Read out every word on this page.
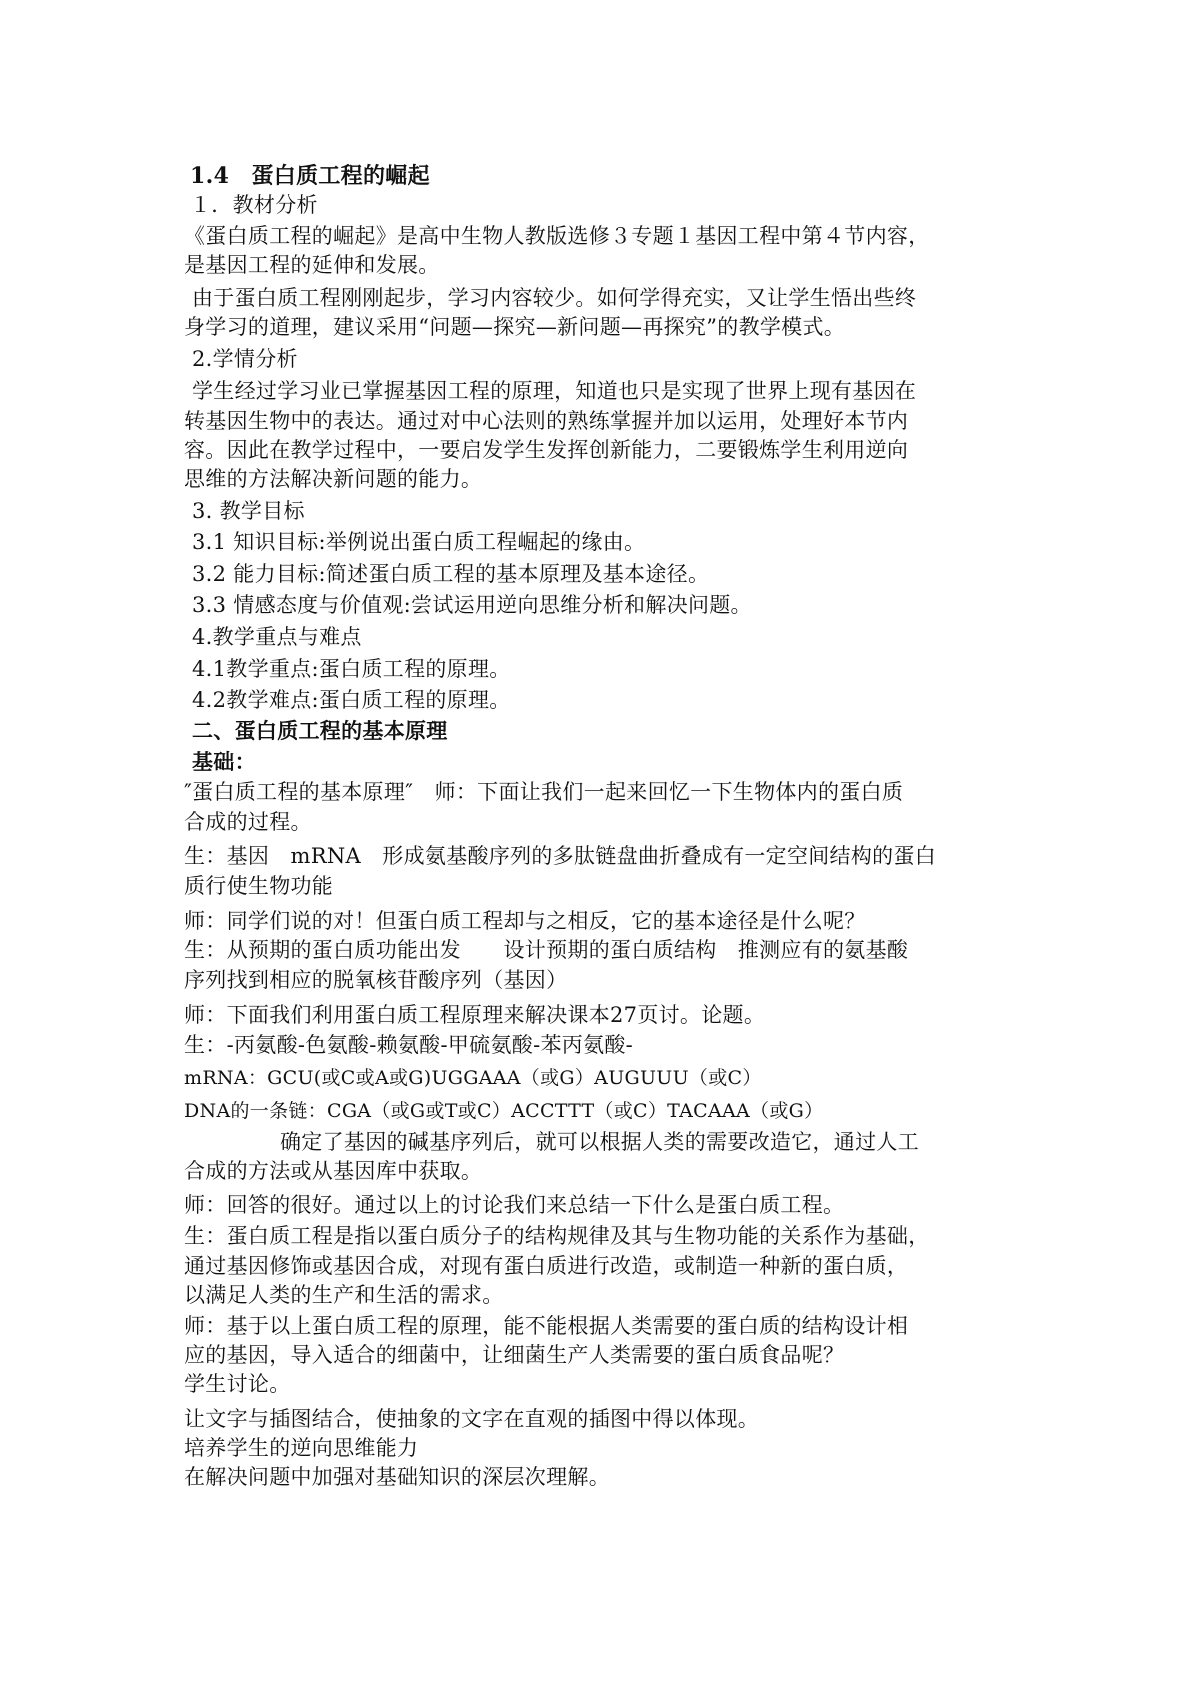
1.4　蛋白质工程的崛起
１．教材分析
《蛋白质工程的崛起》是高中生物人教版选修３专题１基因工程中第４节内容，
是基因工程的延伸和发展。
由于蛋白质工程刚刚起步，学习内容较少。如何学得充实，又让学生悟出些终
身学习的道理，建议采用“问题—探究—新问题—再探究”的教学模式。
2.学情分析
学生经过学习业已掌握基因工程的原理，知道也只是实现了世界上现有基因在
转基因生物中的表达。通过对中心法则的熟练掌握并加以运用，处理好本节内
容。因此在教学过程中，一要启发学生发挥创新能力，二要锻炼学生利用逆向
思维的方法解决新问题的能力。
3. 教学目标
3.1 知识目标:举例说出蛋白质工程崛起的缘由。
3.2 能力目标:简述蛋白质工程的基本原理及基本途径。
3.3 情感态度与价值观:尝试运用逆向思维分析和解决问题。
4.教学重点与难点
4.1教学重点:蛋白质工程的原理。
4.2教学难点:蛋白质工程的原理。
二、蛋白质工程的基本原理
基础：
″蛋白质工程的基本原理″　师：下面让我们一起来回忆一下生物体内的蛋白质
合成的过程。
生：基因　mRNA　形成氨基酸序列的多肽链盘曲折叠成有一定空间结构的蛋白
质行使生物功能
师：同学们说的对！但蛋白质工程却与之相反，它的基本途径是什么呢？
生：从预期的蛋白质功能出发　　设计预期的蛋白质结构　推测应有的氨基酸
序列找到相应的脱氧核苷酸序列（基因）
师：下面我们利用蛋白质工程原理来解决课本27页讨。论题。
生：-丙氨酸-色氨酸-赖氨酸-甲硫氨酸-苯丙氨酸-
mRNA：GCU(或C或A或G)UGGAAA（或G）AUGUUU（或C）
DNA的一条链：CGA（或G或T或C）ACCTTT（或C）TACAAA（或G）
确定了基因的碱基序列后，就可以根据人类的需要改造它，通过人工
合成的方法或从基因库中获取。
师：回答的很好。通过以上的讨论我们来总结一下什么是蛋白质工程。
生：蛋白质工程是指以蛋白质分子的结构规律及其与生物功能的关系作为基础，
通过基因修饰或基因合成，对现有蛋白质进行改造，或制造一种新的蛋白质，
以满足人类的生产和生活的需求。
师：基于以上蛋白质工程的原理，能不能根据人类需要的蛋白质的结构设计相
应的基因，导入适合的细菌中，让细菌生产人类需要的蛋白质食品呢？
学生讨论。
让文字与插图结合，使抽象的文字在直观的插图中得以体现。
培养学生的逆向思维能力
在解决问题中加强对基础知识的深层次理解。
